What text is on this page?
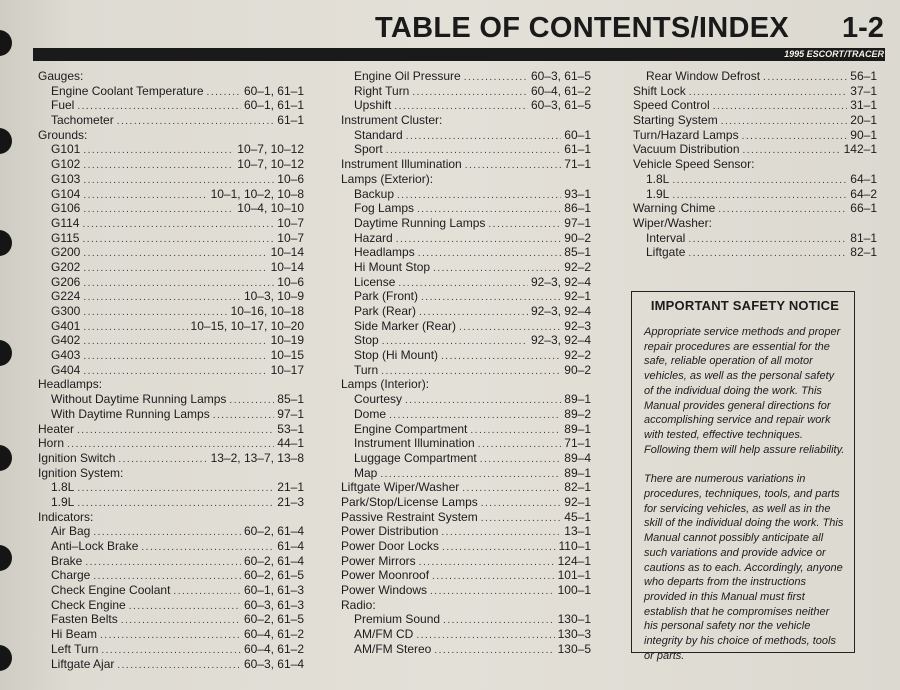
TABLE OF CONTENTS/INDEX 1-2
1995 ESCORT/TRACER
Gauges:
Engine Coolant Temperature .....	60–1, 61–1
Fuel .....	60–1, 61–1
Tachometer .....	61–1
Grounds:
G101 .....	10–7, 10–12
G102 .....	10–7, 10–12
G103 .....	10–6
G104 .....	10–1, 10–2, 10–8
G106 .....	10–4, 10–10
G114 .....	10–7
G115 .....	10–7
G200 .....	10–14
G202 .....	10–14
G206 .....	10–6
G224 .....	10–3, 10–9
G300 .....	10–16, 10–18
G401 .....	10–15, 10–17, 10–20
G402 .....	10–19
G403 .....	10–15
G404 .....	10–17
Headlamps:
Without Daytime Running Lamps .....	85–1
With Daytime Running Lamps .....	97–1
Heater .....	53–1
Horn .....	44–1
Ignition Switch .....	13–2, 13–7, 13–8
Ignition System:
1.8L .....	21–1
1.9L .....	21–3
Indicators:
Air Bag .....	60–2, 61–4
Anti–Lock Brake .....	61–4
Brake .....	60–2, 61–4
Charge .....	60–2, 61–5
Check Engine Coolant .....	60–1, 61–3
Check Engine .....	60–3, 61–3
Fasten Belts .....	60–2, 61–5
Hi Beam .....	60–4, 61–2
Left Turn .....	60–4, 61–2
Liftgate Ajar .....	60–3, 61–4
Engine Oil Pressure .....	60–3, 61–5
Right Turn .....	60–4, 61–2
Upshift .....	60–3, 61–5
Instrument Cluster:
Standard .....	60–1
Sport .....	61–1
Instrument Illumination .....	71–1
Lamps (Exterior):
Backup .....	93–1
Fog Lamps .....	86–1
Daytime Running Lamps .....	97–1
Hazard .....	90–2
Headlamps .....	85–1
Hi Mount Stop .....	92–2
License .....	92–3, 92–4
Park (Front) .....	92–1
Park (Rear) .....	92–3, 92–4
Side Marker (Rear) .....	92–3
Stop .....	92–3, 92–4
Stop (Hi Mount) .....	92–2
Turn .....	90–2
Lamps (Interior):
Courtesy .....	89–1
Dome .....	89–2
Engine Compartment .....	89–1
Instrument Illumination .....	71–1
Luggage Compartment .....	89–4
Map .....	89–1
Liftgate Wiper/Washer .....	82–1
Park/Stop/License Lamps .....	92–1
Passive Restraint System .....	45–1
Power Distribution .....	13–1
Power Door Locks .....	110–1
Power Mirrors .....	124–1
Power Moonroof .....	101–1
Power Windows .....	100–1
Radio:
Premium Sound .....	130–1
AM/FM CD .....	130–3
AM/FM Stereo .....	130–5
Rear Window Defrost .....	56–1
Shift Lock .....	37–1
Speed Control .....	31–1
Starting System .....	20–1
Turn/Hazard Lamps .....	90–1
Vacuum Distribution .....	142–1
Vehicle Speed Sensor:
1.8L .....	64–1
1.9L .....	64–2
Warning Chime .....	66–1
Wiper/Washer:
Interval .....	81–1
Liftgate .....	82–1
IMPORTANT SAFETY NOTICE

Appropriate service methods and proper repair procedures are essential for the safe, reliable operation of all motor vehicles, as well as the personal safety of the individual doing the work. This Manual provides general directions for accomplishing service and repair work with tested, effective techniques. Following them will help assure reliability.

There are numerous variations in procedures, techniques, tools, and parts for servicing vehicles, as well as in the skill of the individual doing the work. This Manual cannot possibly anticipate all such variations and provide advice or cautions as to each. Accordingly, anyone who departs from the instructions provided in this Manual must first establish that he compromises neither his personal safety nor the vehicle integrity by his choice of methods, tools or parts.
